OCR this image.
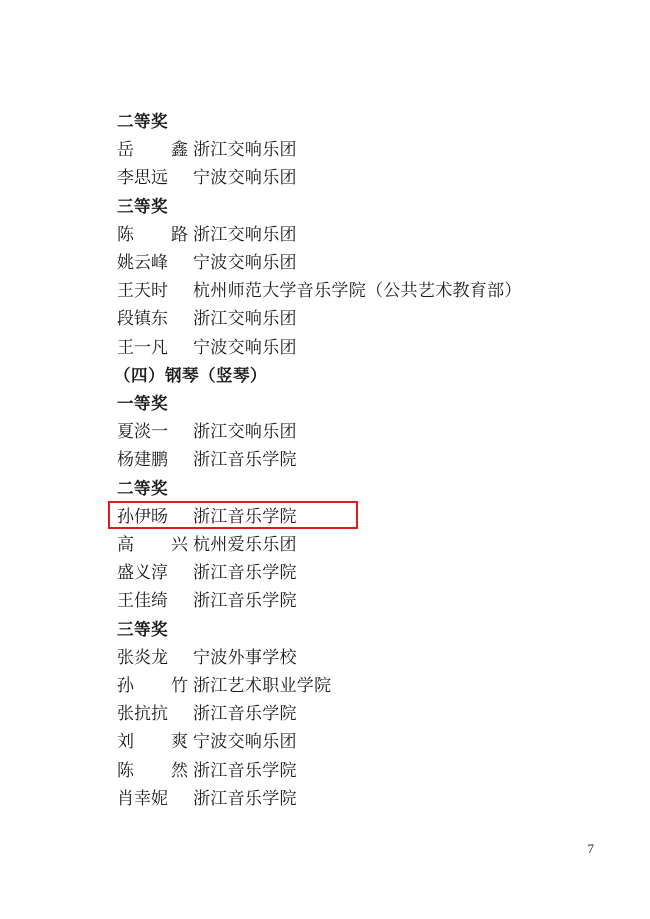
二等奖
岳　鑫浙江交响乐团
李思远 宁波交响乐团
三等奖
陈　路浙江交响乐团
姚云峰 宁波交响乐团
王天时 杭州师范大学音乐学院（公共艺术教育部）
段镇东 浙江交响乐团
王一凡 宁波交响乐团
（四）钢琴（竖琴）
一等奖
夏淡一 浙江交响乐团
杨建鹏 浙江音乐学院
二等奖
孙伊旸 浙江音乐学院
高　兴杭州爱乐乐团
盛义淳 浙江音乐学院
王佳绮 浙江音乐学院
三等奖
张炎龙 宁波外事学校
孙　竹浙江艺术职业学院
张抗抗 浙江音乐学院
刘　爽宁波交响乐团
陈　然浙江音乐学院
肖幸妮 浙江音乐学院
7
